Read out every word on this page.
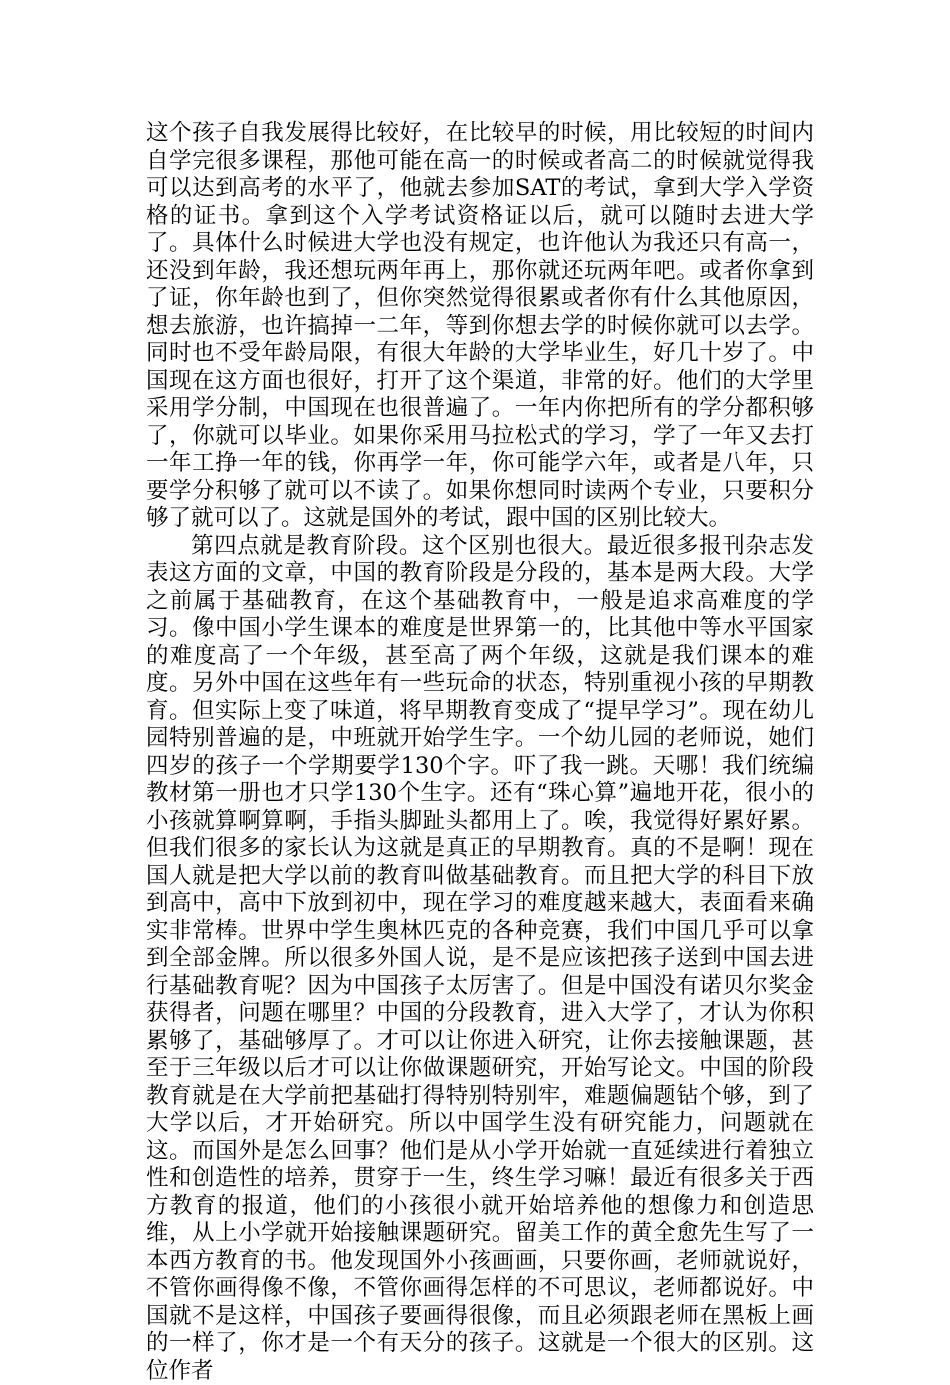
这个孩子自我发展得比较好，在比较早的时候，用比较短的时间内自学完很多课程，那他可能在高一的时候或者高二的时候就觉得我可以达到高考的水平了，他就去参加SAT的考试，拿到大学入学资格的证书。拿到这个入学考试资格证以后，就可以随时去进大学了。具体什么时候进大学也没有规定，也许他认为我还只有高一，还没到年龄，我还想玩两年再上，那你就还玩两年吧。或者你拿到了证，你年龄也到了，但你突然觉得很累或者你有什么其他原因，想去旅游，也许搞掉一二年，等到你想去学的时候你就可以去学。同时也不受年龄局限，有很大年龄的大学毕业生，好几十岁了。中国现在这方面也很好，打开了这个渠道，非常的好。他们的大学里采用学分制，中国现在也很普遍了。一年内你把所有的学分都积够了，你就可以毕业。如果你采用马拉松式的学习，学了一年又去打一年工挣一年的钱，你再学一年，你可能学六年，或者是八年，只要学分积够了就可以不读了。如果你想同时读两个专业，只要积分够了就可以了。这就是国外的考试，跟中国的区别比较大。

第四点就是教育阶段。这个区别也很大。最近很多报刊杂志发表这方面的文章，中国的教育阶段是分段的，基本是两大段。大学之前属于基础教育，在这个基础教育中，一般是追求高难度的学习。像中国小学生课本的难度是世界第一的，比其他中等水平国家的难度高了一个年级，甚至高了两个年级，这就是我们课本的难度。另外中国在这些年有一些玩命的状态，特别重视小孩的早期教育。但实际上变了味道，将早期教育变成了“提早学习”。现在幼儿园特别普遍的是，中班就开始学生字。一个幼儿园的老师说，她们四岁的孩子一个学期要学130个字。吓了我一跳。天哪！我们统编教材第一册也才只学130个生字。还有“珠心算”遍地开花，很小的小孩就算啊算啊，手指头脚趾头都用上了。唉，我觉得好累好累。但我们很多的家长认为这就是真正的早期教育。真的不是啊！现在国人就是把大学以前的教育叫做基础教育。而且把大学的科目下放到高中，高中下放到初中，现在学习的难度越来越大，表面看来确实非常棒。世界中学生奥林匹克的各种竞赛，我们中国几乎可以拿到全部金牌。所以很多外国人说，是不是应该把孩子送到中国去进行基础教育呢？因为中国孩子太厉害了。但是中国没有诺贝尔奖金获得者，问题在哪里？中国的分段教育，进入大学了，才认为你积累够了，基础够厚了。才可以让你进入研究，让你去接触课题，甚至于三年级以后才可以让你做课题研究，开始写论文。中国的阶段教育就是在大学前把基础打得特别特别牢，难题偏题钻个够，到了大学以后，才开始研究。所以中国学生没有研究能力，问题就在这。而国外是怎么回事？他们是从小学开始就一直延续进行着独立性和创造性的培养，贯穿于一生，终生学习嘛！最近有很多关于西方教育的报道，他们的小孩很小就开始培养他的想像力和创造思维，从上小学就开始接触课题研究。留美工作的黄全愈先生写了一本西方教育的书。他发现国外小孩画画，只要你画，老师就说好，不管你画得像不像，不管你画得怎样的不可思议，老师都说好。中国就不是这样，中国孩子要画得很像，而且必须跟老师在黑板上画的一样了，你才是一个有天分的孩子。这就是一个很大的区别。这位作者
